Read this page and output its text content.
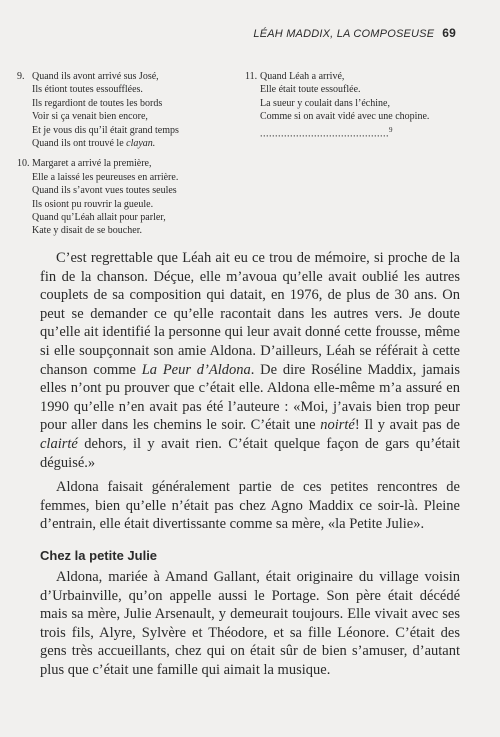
LÉAH MADDIX, LA COMPOSEUSE 69
9. Quand ils avont arrivé sus José,
Ils étiont toutes essoufflées.
Ils regardiont de toutes les bords
Voir si ça venait bien encore,
Et je vous dis qu’il était grand temps
Quand ils ont trouvé le clayan.
10. Margaret a arrivé la première,
Elle a laissé les peureuses en arrière.
Quand ils s’avont vues toutes seules
Ils osiont pu rouvrir la gueule.
Quand qu’Léah allait pour parler,
Kate y disait de se boucher.
11. Quand Léah a arrivé,
Elle était toute essouflée.
La sueur y coulait dans l’échine,
Comme si on avait vidé avec une chopine.
...........................................$^9$

C’est regrettable que Léah ait eu ce trou de mémoire, si proche de la fin de la chanson. Déçue, elle m’avoua qu’elle avait oublié les autres couplets de sa composition qui datait, en 1976, de plus de 30 ans. On peut se demander ce qu’elle racontait dans les autres vers. Je doute qu’elle ait identifié la personne qui leur avait donné cette frousse, même si elle soupçonnait son amie Aldona. D’ailleurs, Léah se référait à cette chanson comme La Peur d’Aldona. De dire Roséline Maddix, jamais elles n’ont pu prouver que c’était elle. Aldona elle-même m’a assuré en 1990 qu’elle n’en avait pas été l’auteure : «Moi, j’avais bien trop peur pour aller dans les chemins le soir. C’était une noirté! Il y avait pas de clairté dehors, il y avait rien. C’était quelque façon de gars qu’était déguisé.»

Aldona faisait généralement partie de ces petites rencontres de femmes, bien qu’elle n’était pas chez Agno Maddix ce soir-là. Pleine d’entrain, elle était divertissante comme sa mère, «la Petite Julie».

Chez la petite Julie

Aldona, mariée à Amand Gallant, était originaire du village voisin d’Urbainville, qu’on appelle aussi le Portage. Son père était décédé mais sa mère, Julie Arsenault, y demeurait toujours. Elle vivait avec ses trois fils, Alyre, Sylvère et Théodore, et sa fille Léonore. C’était des gens très accueillants, chez qui on était sûr de bien s’amuser, d’autant plus que c’était une famille qui aimait la musique.
